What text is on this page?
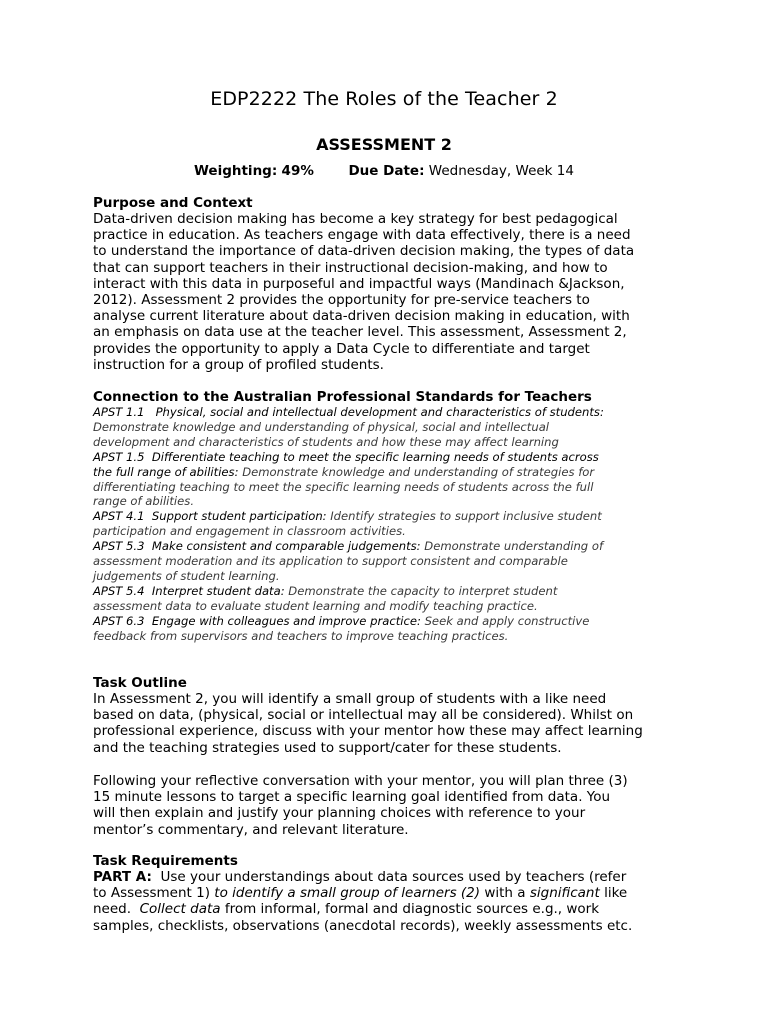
EDP2222 The Roles of the Teacher 2
ASSESSMENT 2
Weighting: 49%	Due Date: Wednesday, Week 14

Purpose and Context

Data-driven decision making has become a key strategy for best pedagogical
practice in education. As teachers engage with data effectively, there is a need
to understand the importance of data-driven decision making, the types of data
that can support teachers in their instructional decision-making, and how to
interact with this data in purposeful and impactful ways (Mandinach &Jackson,
2012). Assessment 2 provides the opportunity for pre-service teachers to
analyse current literature about data-driven decision making in education, with
an emphasis on data use at the teacher level. This assessment, Assessment 2,
provides the opportunity to apply a Data Cycle to differentiate and target
instruction for a group of profiled students.

Connection to the Australian Professional Standards for Teachers

APST 1.1 Physical, social and intellectual development and characteristics of students:
Demonstrate knowledge and understanding of physical, social and intellectual
development and characteristics of students and how these may affect learning

APST 1.5 Differentiate teaching to meet the specific learning needs of students across
the full range of abilities: Demonstrate knowledge and understanding of strategies for
differentiating teaching to meet the specific learning needs of students across the full
range of abilities.

APST 4.1 Support student participation: Identify strategies to support inclusive student
participation and engagement in classroom activities.

APST 5.3 Make consistent and comparable judgements: Demonstrate understanding of
assessment moderation and its application to support consistent and comparable
judgements of student learning.

APST 5.4 Interpret student data: Demonstrate the capacity to interpret student
assessment data to evaluate student learning and modify teaching practice.

APST 6.3 Engage with colleagues and improve practice: Seek and apply constructive
feedback from supervisors and teachers to improve teaching practices.

Task Outline

In Assessment 2, you will identify a small group of students with a like need
based on data, (physical, social or intellectual may all be considered). Whilst on
professional experience, discuss with your mentor how these may affect learning
and the teaching strategies used to support/cater for these students.

Following your reflective conversation with your mentor, you will plan three (3)
15 minute lessons to target a specific learning goal identified from data. You
will then explain and justify your planning choices with reference to your
mentor’s commentary, and relevant literature.

Task Requirements

PART A: Use your understandings about data sources used by teachers (refer
to Assessment 1) to identify a small group of learners (2) with a significant like
need. Collect data from informal, formal and diagnostic sources e.g., work
samples, checklists, observations (anecdotal records), weekly assessments etc.
